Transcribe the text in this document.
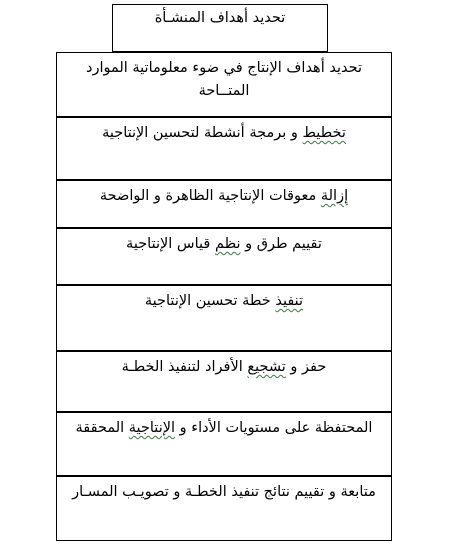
تحديد أهداف المنشـأة
تحديد أهداف الإنتاج في ضوء معلوماتية الموارد المتــاحة
تخطيط و برمجة أنشطة لتحسين الإنتاجية
إزالة معوقات الإنتاجية الظاهرة و الواضحة
تقييم طرق و نظم قياس الإنتاجية
تنفيذ خطة تحسين الإنتاجية
حفز و تشجيع الأفراد لتنفيذ الخطـة
المحتفظة على مستويات الأداء و الإنتاجية المحققة
متابعة و تقييم نتائج تنفيذ الخطـة و تصويـب المسـار
